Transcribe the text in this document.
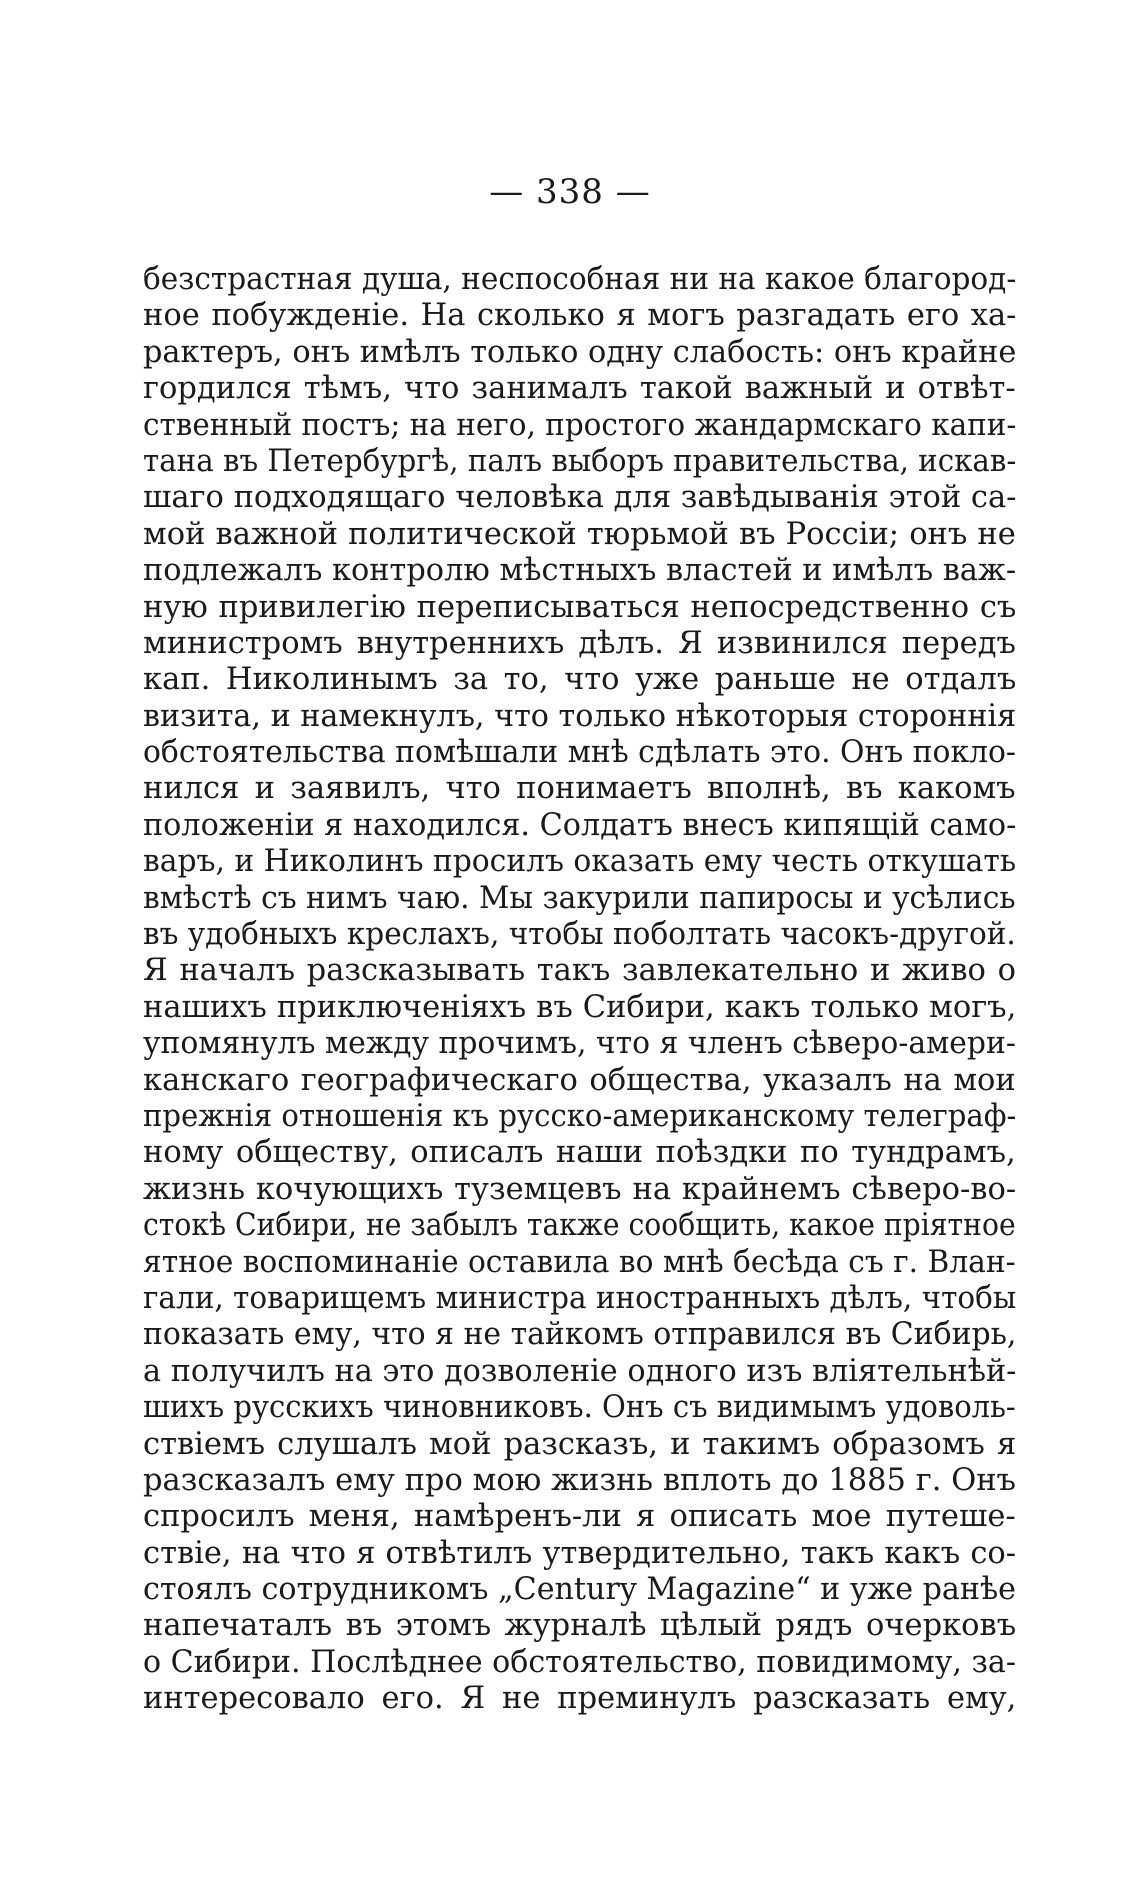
— 338 —
безстрастная душа, неспособная ни на какое благород-
ное побужденіе. На сколько я могъ разгадать его ха-
рактеръ, онъ имѣлъ только одну слабость: онъ крайне
гордился тѣмъ, что занималъ такой важный и отвѣт-
ственный постъ; на него, простого жандармскаго капи-
тана въ Петербургѣ, палъ выборъ правительства, искав-
шаго подходящаго человѣка для завѣдыванія этой са-
мой важной политической тюрьмой въ Россіи; онъ не
подлежалъ контролю мѣстныхъ властей и имѣлъ важ-
ную привилегію переписываться непосредственно съ
министромъ внутреннихъ дѣлъ. Я извинился передъ
кап. Николинымъ за то, что уже раньше не отдалъ
визита, и намекнулъ, что только нѣкоторыя стороннія
обстоятельства помѣшали мнѣ сдѣлать это. Онъ покло-
нился и заявилъ, что понимаетъ вполнѣ, въ какомъ
положеніи я находился. Солдатъ внесъ кипящій само-
варъ, и Николинъ просилъ оказать ему честь откушать
вмѣстѣ съ нимъ чаю. Мы закурили папиросы и усѣлись
въ удобныхъ креслахъ, чтобы поболтать часокъ-другой.
Я началъ разсказывать такъ завлекательно и живо о
нашихъ приключеніяхъ въ Сибири, какъ только могъ,
упомянулъ между прочимъ, что я членъ сѣверо-амери-
канскаго географическаго общества, указалъ на мои
прежнія отношенія къ русско-американскому телеграф-
ному обществу, описалъ наши поѣздки по тундрамъ,
жизнь кочующихъ туземцевъ на крайнемъ сѣверо-во-
стокѣ Сибири, не забылъ также сообщить, какое пріятное
ятное воспоминаніе оставила во мнѣ бесѣда съ г. Влан-
гали, товарищемъ министра иностранныхъ дѣлъ, чтобы
показать ему, что я не тайкомъ отправился въ Сибирь,
а получилъ на это дозволеніе одного изъ вліятельнѣй-
шихъ русскихъ чиновниковъ. Онъ съ видимымъ удоволь-
ствіемъ слушалъ мой разсказъ, и такимъ образомъ я
разсказалъ ему про мою жизнь вплоть до 1885 г. Онъ
спросилъ меня, намѣренъ-ли я описать мое путеше-
ствіе, на что я отвѣтилъ утвердительно, такъ какъ со-
стоялъ сотрудникомъ „Century Magazine“ и уже ранѣе
напечаталъ въ этомъ журналѣ цѣлый рядъ очерковъ
о Сибири. Послѣднее обстоятельство, повидимому, за-
интересовало его. Я не преминулъ разсказать ему,
